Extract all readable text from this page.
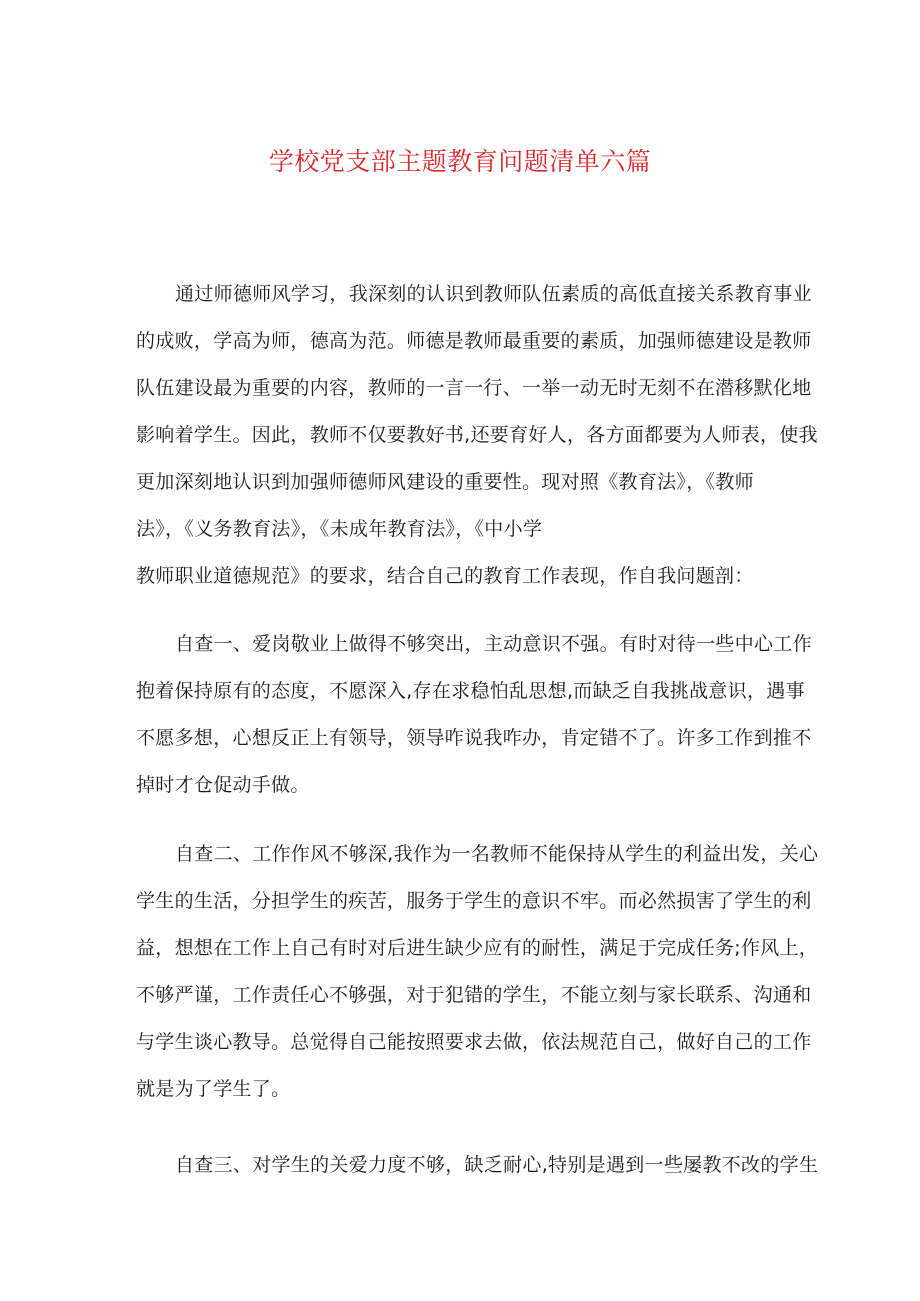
学校党支部主题教育问题清单六篇
通过师德师风学习，我深刻的认识到教师队伍素质的高低直接关系教育事业
的成败，学高为师，德高为范。师德是教师最重要的素质，加强师德建设是教师
队伍建设最为重要的内容，教师的一言一行、一举一动无时无刻不在潜移默化地
影响着学生。因此，教师不仅要教好书,还要育好人，各方面都要为人师表，使我
更加深刻地认识到加强师德师风建设的重要性。现对照《教育法》，《教师
法》，《义务教育法》，《未成年教育法》，《中小学
教师职业道德规范》的要求，结合自己的教育工作表现，作自我问题剖：
自查一、爱岗敬业上做得不够突出，主动意识不强。有时对待一些中心工作
抱着保持原有的态度，不愿深入,存在求稳怕乱思想,而缺乏自我挑战意识，遇事
不愿多想，心想反正上有领导，领导咋说我咋办，肯定错不了。许多工作到推不
掉时才仓促动手做。
自查二、工作作风不够深,我作为一名教师不能保持从学生的利益出发，关心
学生的生活，分担学生的疾苦，服务于学生的意识不牢。而必然损害了学生的利
益，想想在工作上自己有时对后进生缺少应有的耐性，满足于完成任务;作风上，
不够严谨，工作责任心不够强，对于犯错的学生，不能立刻与家长联系、沟通和
与学生谈心教导。总觉得自己能按照要求去做，依法规范自己，做好自己的工作
就是为了学生了。
自查三、对学生的关爱力度不够，缺乏耐心,特别是遇到一些屡教不改的学生
